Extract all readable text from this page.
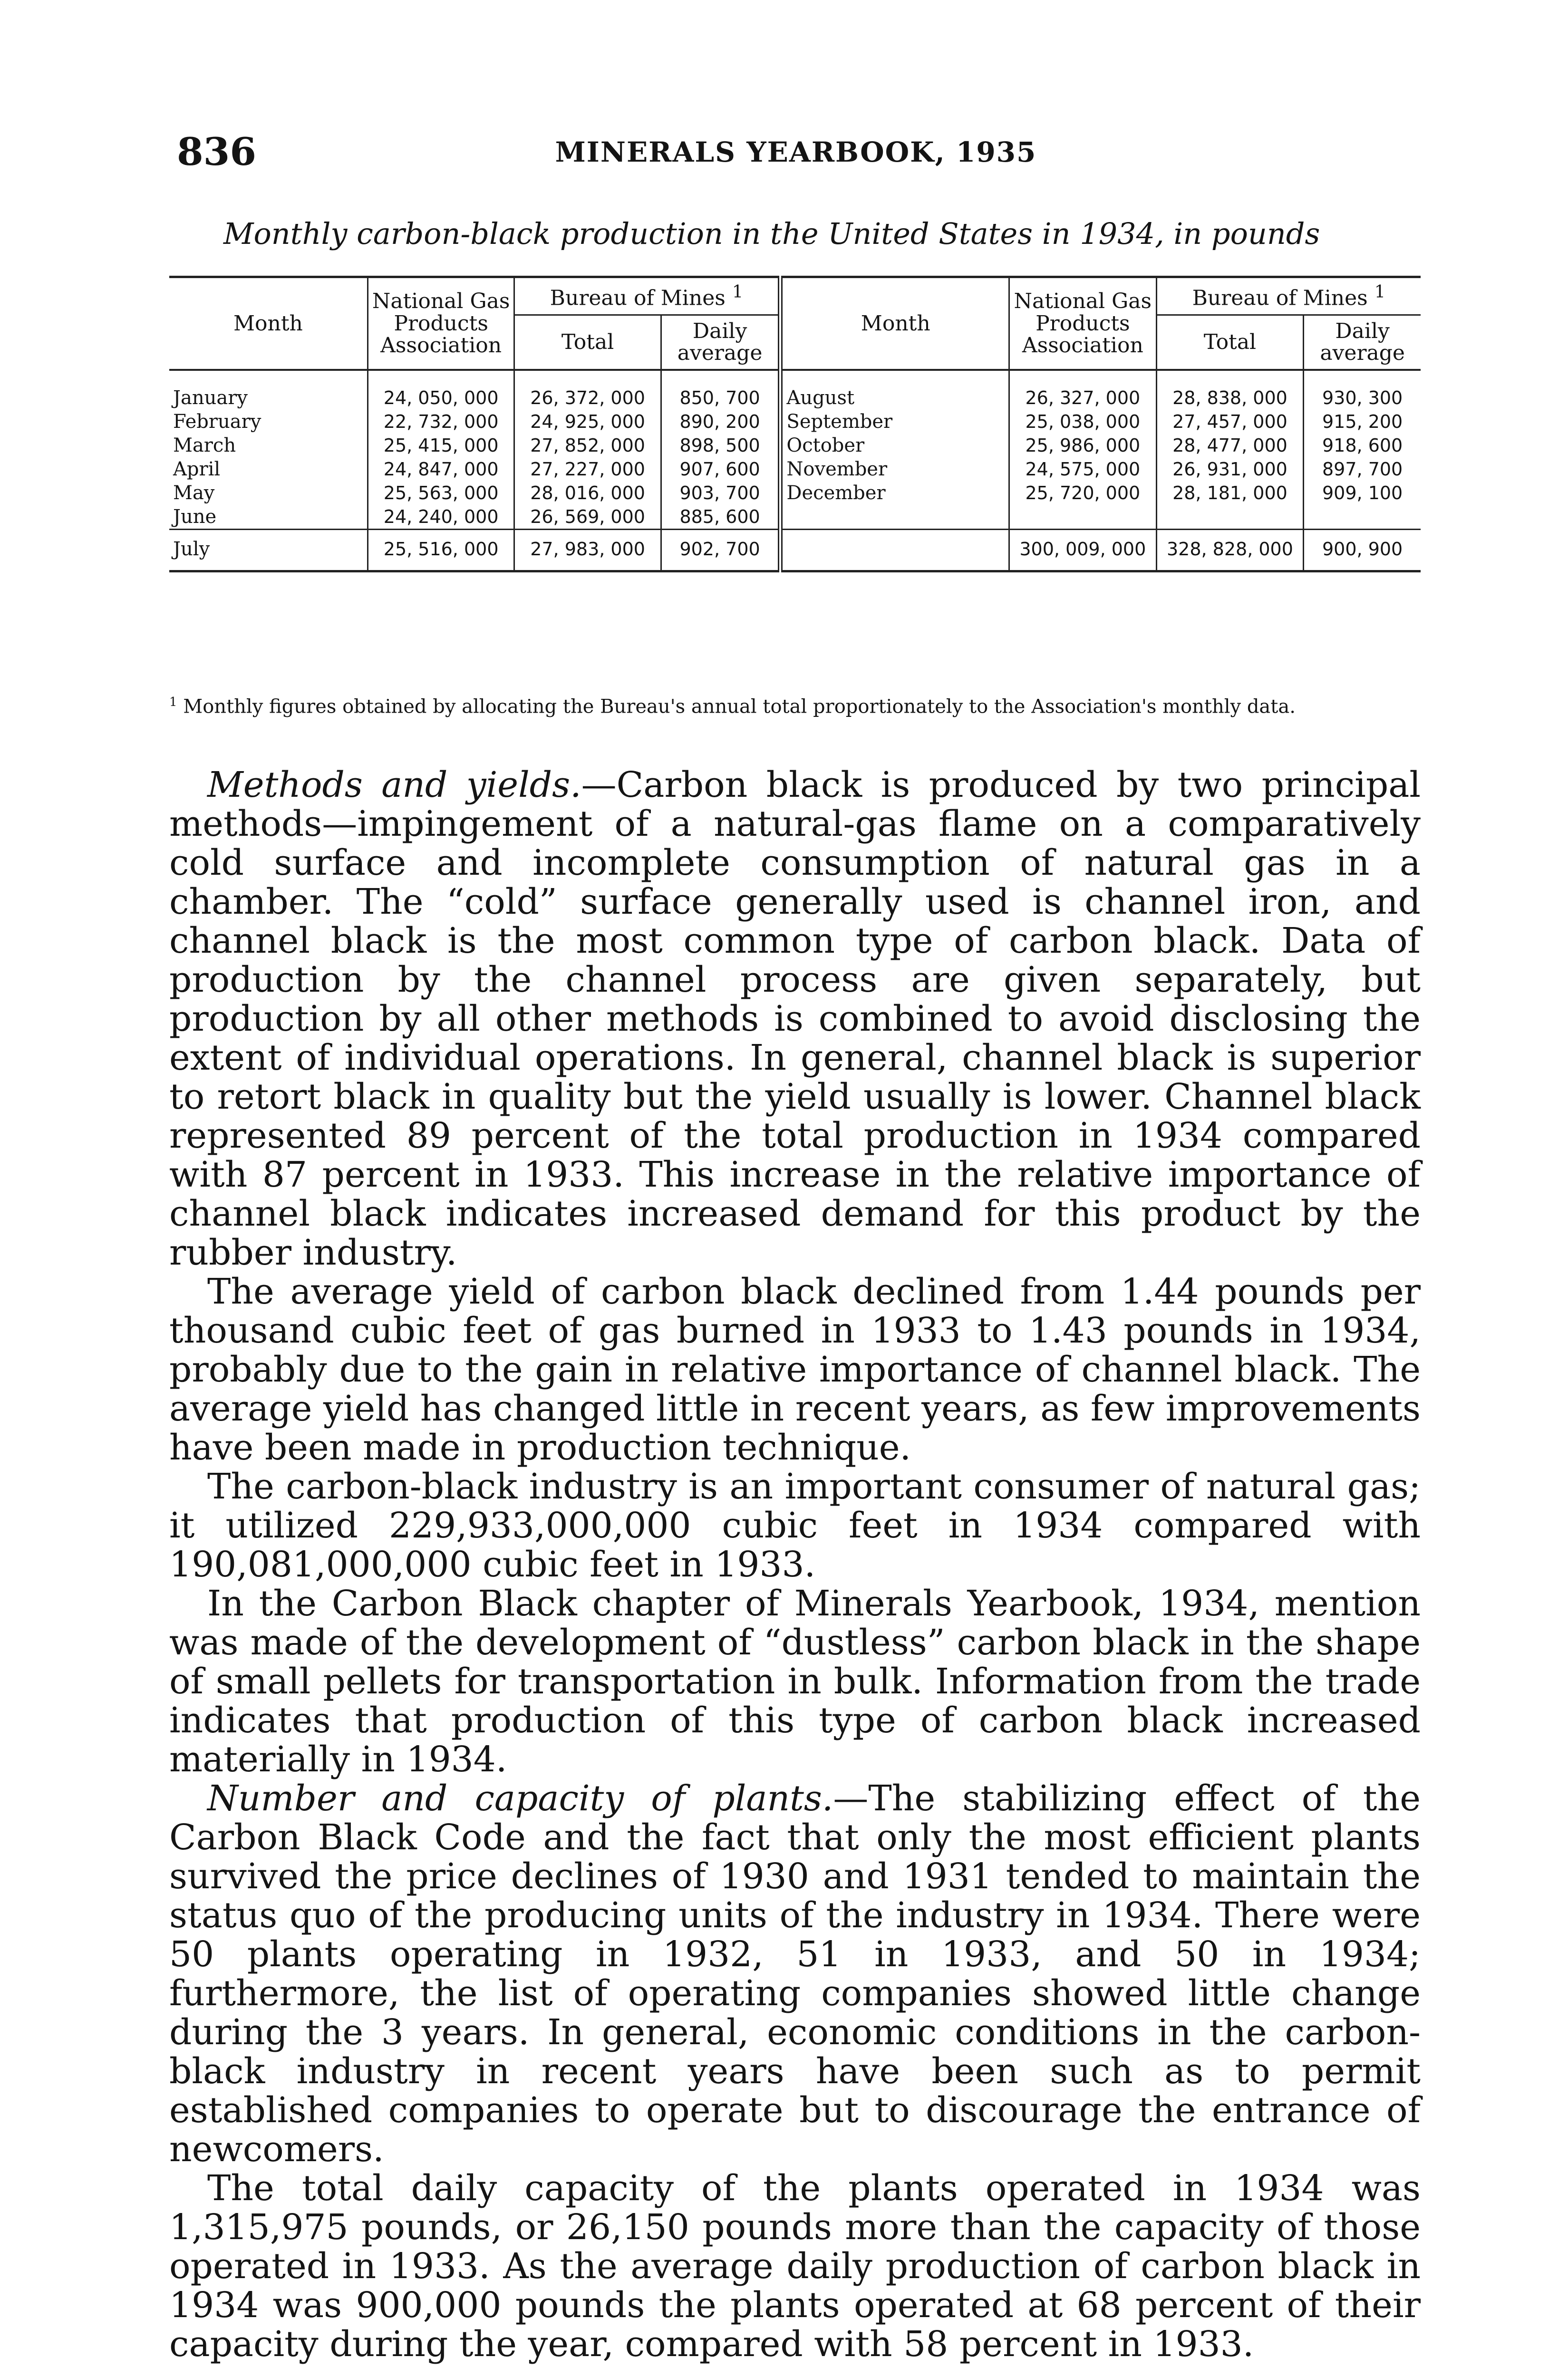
836	MINERALS YEARBOOK, 1935
Monthly carbon-black production in the United States in 1934, in pounds
Month	National Gas Products Association	Bureau of Mines $^1$		Month	National Gas Products Association	Bureau of Mines $^1$
		Total	Daily average			Total	Daily average
January	24, 050, 000	26, 372, 000	850, 700	August	26, 327, 000	28, 838, 000	930, 300
February	22, 732, 000	24, 925, 000	890, 200	September	25, 038, 000	27, 457, 000	915, 200
March	25, 415, 000	27, 852, 000	898, 500	October	25, 986, 000	28, 477, 000	918, 600
April	24, 847, 000	27, 227, 000	907, 600	November	24, 575, 000	26, 931, 000	897, 700
May	25, 563, 000	28, 016, 000	903, 700	December	25, 720, 000	28, 181, 000	909, 100
June	24, 240, 000	26, 569, 000	885, 600				
July	25, 516, 000	27, 983, 000	902, 700		300, 009, 000	328, 828, 000	900, 900
$^1$ Monthly figures obtained by allocating the Bureau's annual total proportionately to the Association's monthly data.

Methods and yields.—Carbon black is produced by two principal methods—impingement of a natural-gas flame on a comparatively cold surface and incomplete consumption of natural gas in a chamber. The “cold” surface generally used is channel iron, and channel black is the most common type of carbon black. Data of production by the channel process are given separately, but production by all other methods is combined to avoid disclosing the extent of individual operations. In general, channel black is superior to retort black in quality but the yield usually is lower. Channel black represented 89 percent of the total production in 1934 compared with 87 percent in 1933. This increase in the relative importance of channel black indicates increased demand for this product by the rubber industry.

The average yield of carbon black declined from 1.44 pounds per thousand cubic feet of gas burned in 1933 to 1.43 pounds in 1934, probably due to the gain in relative importance of channel black. The average yield has changed little in recent years, as few improvements have been made in production technique.

The carbon-black industry is an important consumer of natural gas; it utilized 229,933,000,000 cubic feet in 1934 compared with 190,081,000,000 cubic feet in 1933.

In the Carbon Black chapter of Minerals Yearbook, 1934, mention was made of the development of “dustless” carbon black in the shape of small pellets for transportation in bulk. Information from the trade indicates that production of this type of carbon black increased materially in 1934.

Number and capacity of plants.—The stabilizing effect of the Carbon Black Code and the fact that only the most efficient plants survived the price declines of 1930 and 1931 tended to maintain the status quo of the producing units of the industry in 1934. There were 50 plants operating in 1932, 51 in 1933, and 50 in 1934; furthermore, the list of operating companies showed little change during the 3 years. In general, economic conditions in the carbon-black industry in recent years have been such as to permit established companies to operate but to discourage the entrance of newcomers.

The total daily capacity of the plants operated in 1934 was 1,315,975 pounds, or 26,150 pounds more than the capacity of those operated in 1933. As the average daily production of carbon black in 1934 was 900,000 pounds the plants operated at 68 percent of their capacity during the year, compared with 58 percent in 1933.
